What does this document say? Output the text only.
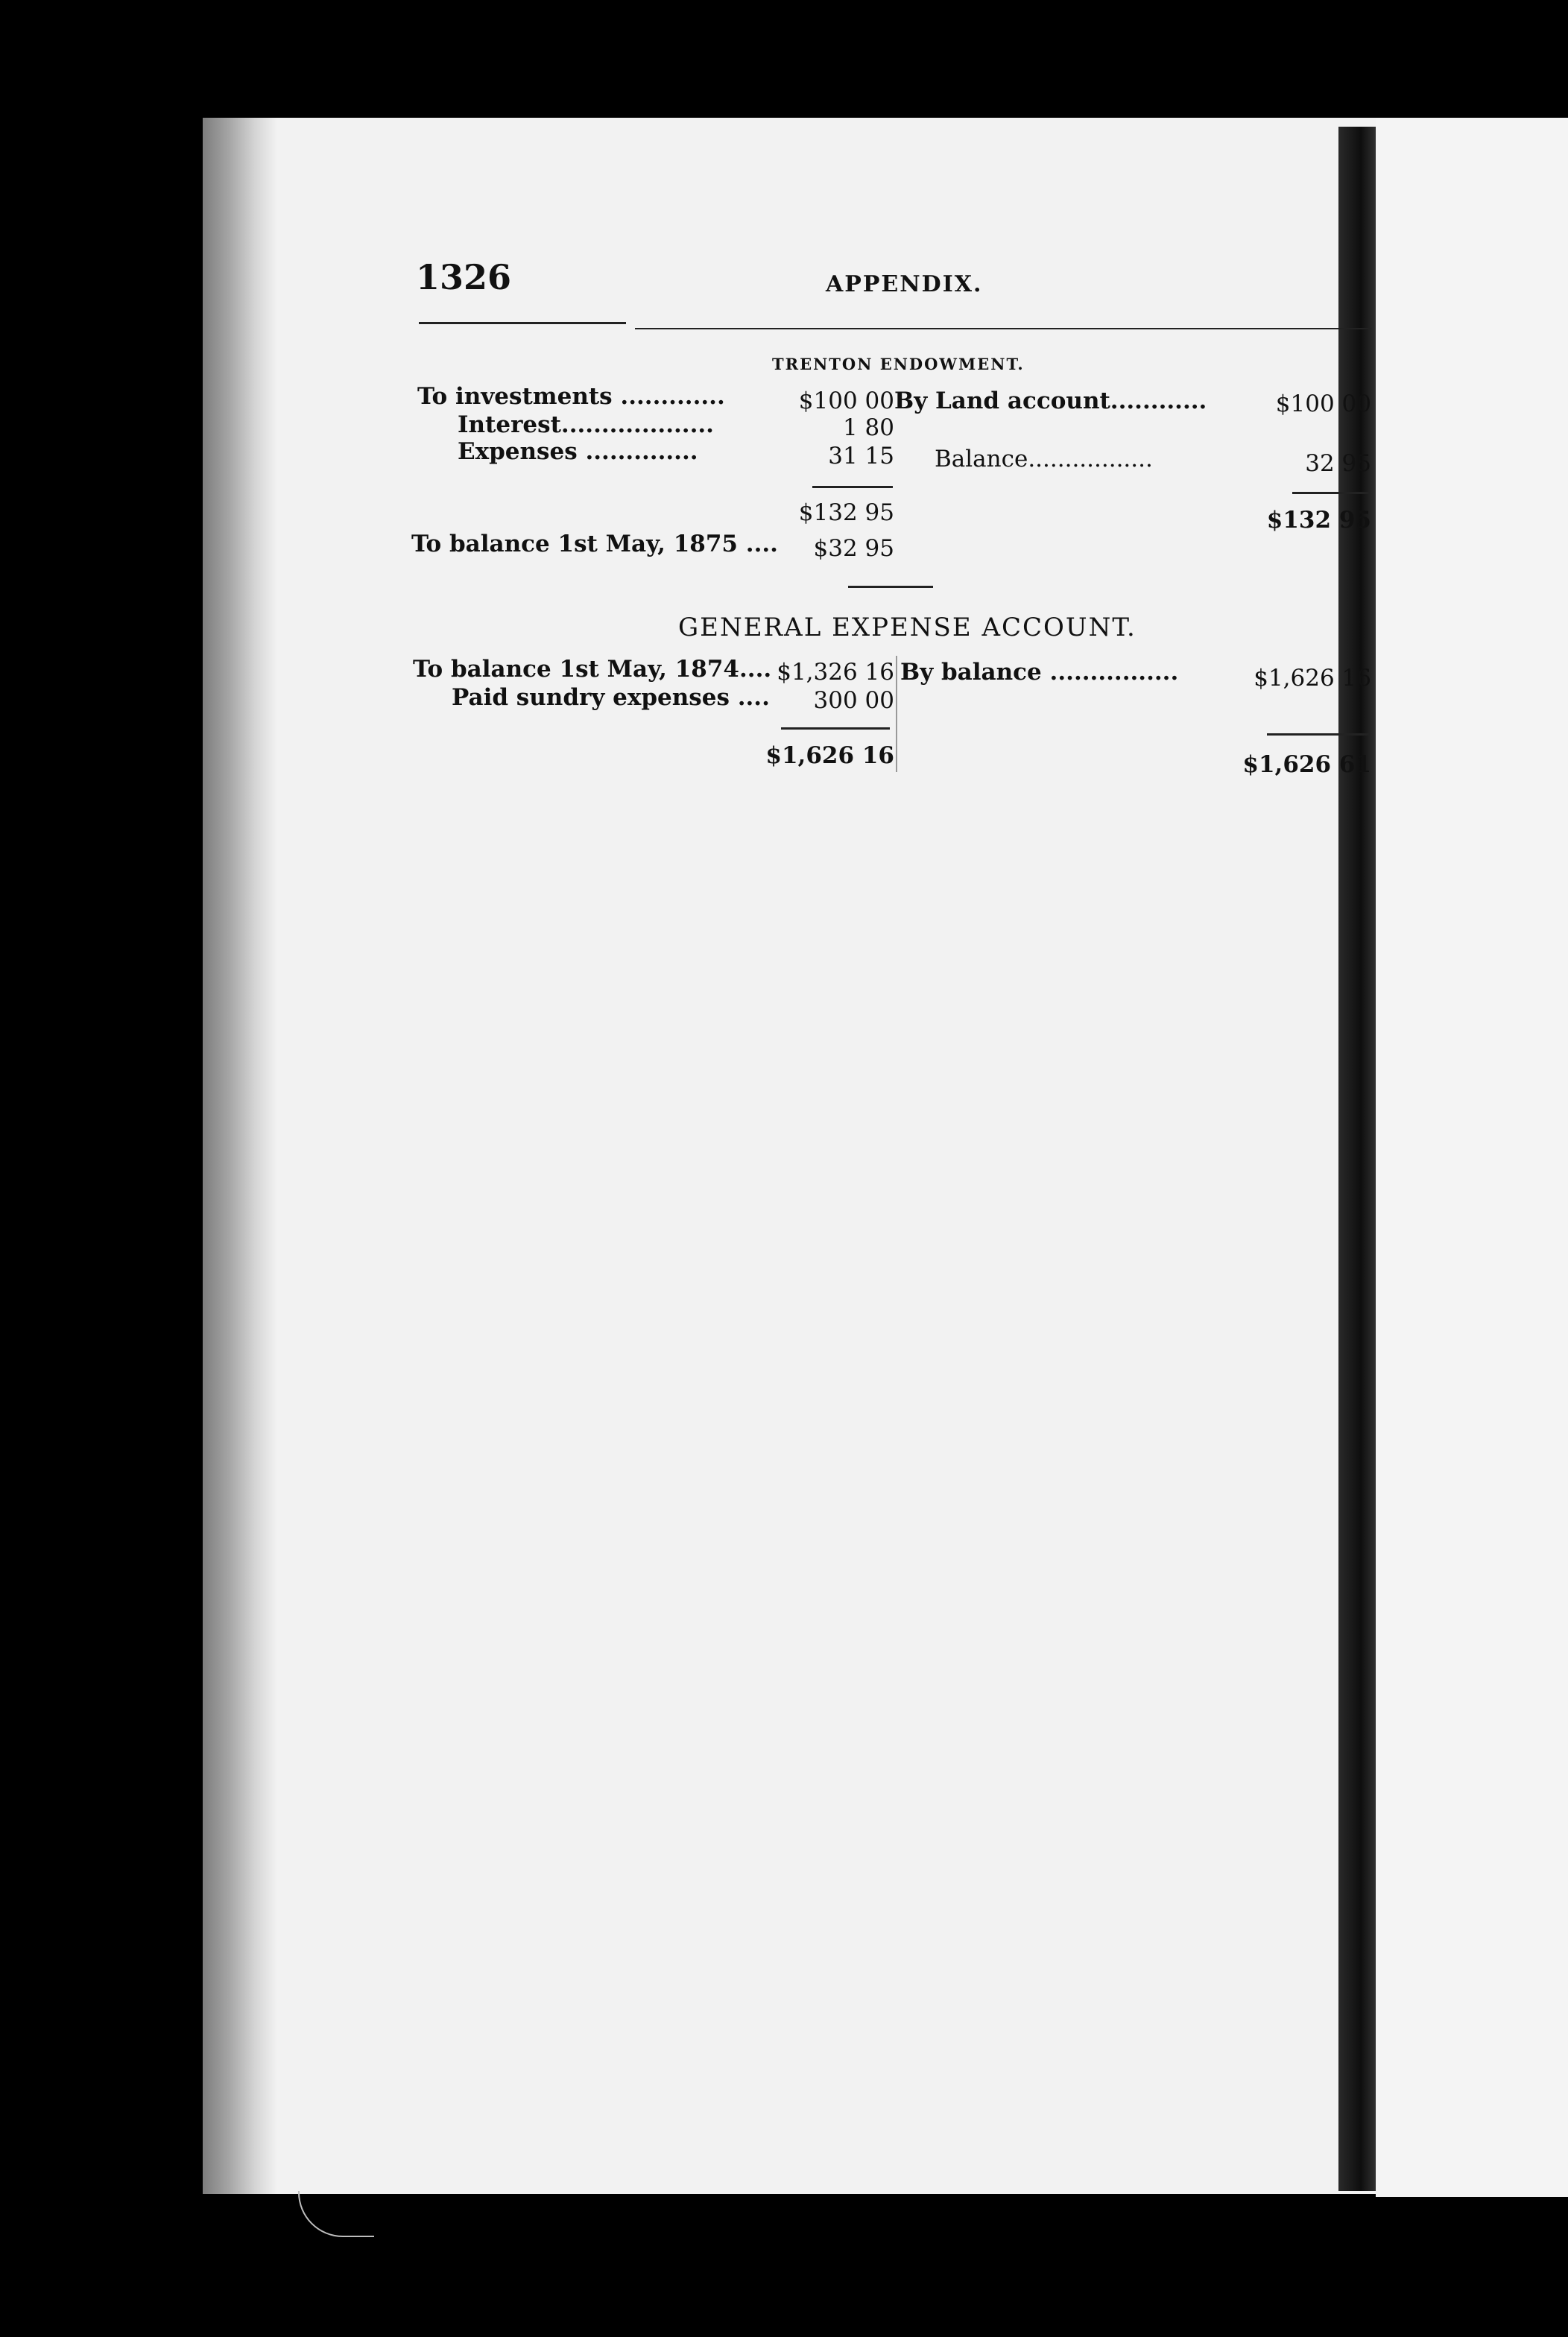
1326	APPENDIX.
TRENTON ENDOWMENT.
To investments .............	$100 00 By Land account............	$100 00
Interest...................	1 80
Expenses ..............	31 15 Balance.................	32 95
$132 95	$132 95
To balance 1st May, 1875 ....	$32 95
GENERAL EXPENSE ACCOUNT.
To balance 1st May, 1874.... $1,326 16 By balance ................	$1,626 16
Paid sundry expenses ....	300 00
$1,626 16	$1,626 61
